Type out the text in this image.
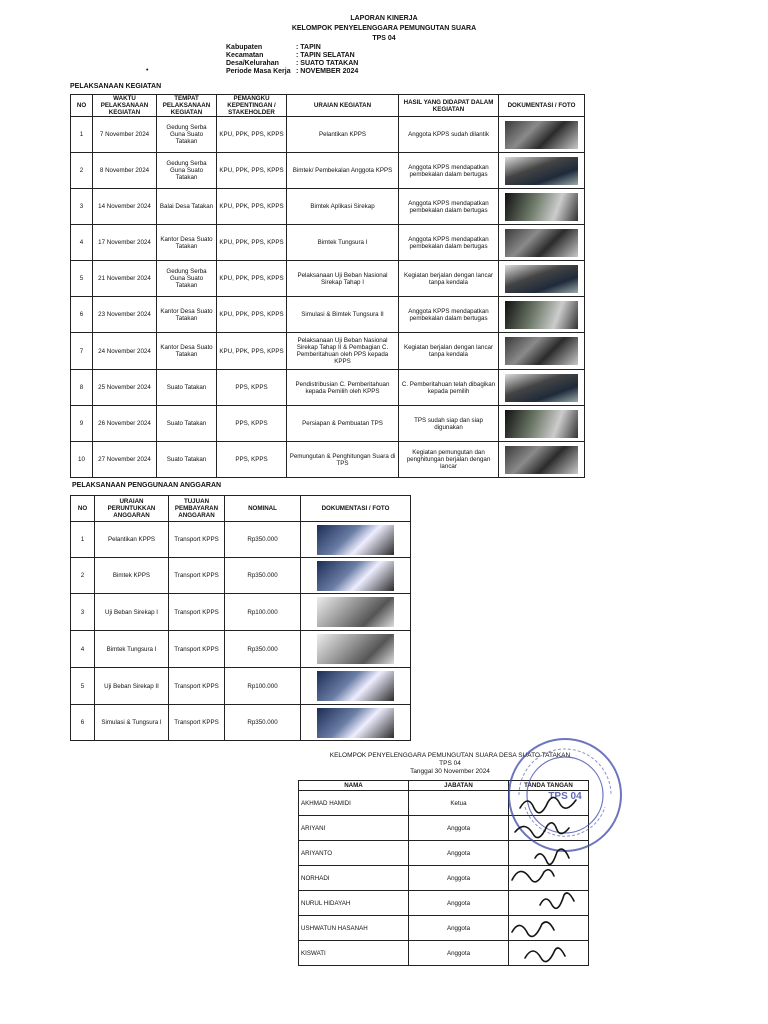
LAPORAN KINERJA
KELOMPOK PENYELENGGARA PEMUNGUTAN SUARA
TPS 04
Kabupaten	: TAPIN
Kecamatan	: TAPIN SELATAN
Desa/Kelurahan	: SUATO TATAKAN
Periode Masa Kerja : NOVEMBER 2024
PELAKSANAAN KEGIATAN
NO	WAKTU PELAKSANAAN KEGIATAN	TEMPAT PELAKSANAAN KEGIATAN	PEMANGKU KEPENTINGAN / STAKEHOLDER	URAIAN KEGIATAN	HASIL YANG DIDAPAT DALAM KEGIATAN	DOKUMENTASI / FOTO
1	7 November 2024	Gedung Serba Guna Suato Tatakan	KPU, PPK, PPS, KPPS	Pelantikan KPPS	Anggota KPPS sudah dilantik	

2	8 November 2024	Gedung Serba Guna Suato Tatakan	KPU, PPK, PPS, KPPS	Bimtek/ Pembekalan Anggota KPPS	Anggota KPPS mendapatkan pembekalan dalam bertugas	

3	14 November 2024	Balai Desa Tatakan	KPU, PPK, PPS, KPPS	Bimtek Aplikasi Sirekap	Anggota KPPS mendapatkan pembekalan dalam bertugas	

4	17 November 2024	Kantor Desa Suato Tatakan	KPU, PPK, PPS, KPPS	Bimtek Tungsura I	Anggota KPPS mendapatkan pembekalan dalam bertugas	

5	21 November 2024	Gedung Serba Guna Suato Tatakan	KPU, PPK, PPS, KPPS	Pelaksanaan Uji Beban Nasional Sirekap Tahap I	Kegiatan berjalan dengan lancar tanpa kendala	

6	23 November 2024	Kantor Desa Suato Tatakan	KPU, PPK, PPS, KPPS	Simulasi & Bimtek Tungsura II	Anggota KPPS mendapatkan pembekalan dalam bertugas	

7	24 November 2024	Kantor Desa Suato Tatakan	KPU, PPK, PPS, KPPS	Pelaksanaan Uji Beban Nasional Sirekap Tahap II & Pembagian C. Pemberitahuan oleh PPS kepada KPPS	Kegiatan berjalan dengan lancar tanpa kendala	

8	25 November 2024	Suato Tatakan	PPS, KPPS	Pendistribusian C. Pemberitahuan kepada Pemilih oleh KPPS	C. Pemberitahuan telah dibagikan kepada pemilih	

9	26 November 2024	Suato Tatakan	PPS, KPPS	Persiapan & Pembuatan TPS	TPS sudah siap dan siap digunakan	

10	27 November 2024	Suato Tatakan	PPS, KPPS	Pemungutan & Penghitungan Suara di TPS	Kegiatan pemungutan dan penghitungan berjalan dengan lancar	
PELAKSANAAN PENGGUNAAN ANGGARAN
NO	URAIAN PERUNTUKKAN ANGGARAN	TUJUAN PEMBAYARAN ANGGARAN	NOMINAL	DOKUMENTASI / FOTO
1	Pelantikan KPPS	Transport KPPS	Rp350.000	

2	Bimtek KPPS	Transport KPPS	Rp350.000	

3	Uji Beban Sirekap I	Transport KPPS	Rp100.000	

4	Bimtek Tungsura I	Transport KPPS	Rp350.000	

5	Uji Beban Sirekap II	Transport KPPS	Rp100.000	

6	Simulasi & Tungsura I	Transport KPPS	Rp350.000	
KELOMPOK PENYELENGGARA PEMUNGUTAN SUARA DESA SUATO TATAKAN
TPS 04
Tanggal 30 November 2024
NAMA	JABATAN	TANDA TANGAN
AKHMAD HAMIDI	Ketua	
ARIYANI	Anggota	
ARIYANTO	Anggota	
NORHADI	Anggota	
NURUL HIDAYAH	Anggota	
USHWATUN HASANAH	Anggota	
KISWATI	Anggota	
TPS 04
•
